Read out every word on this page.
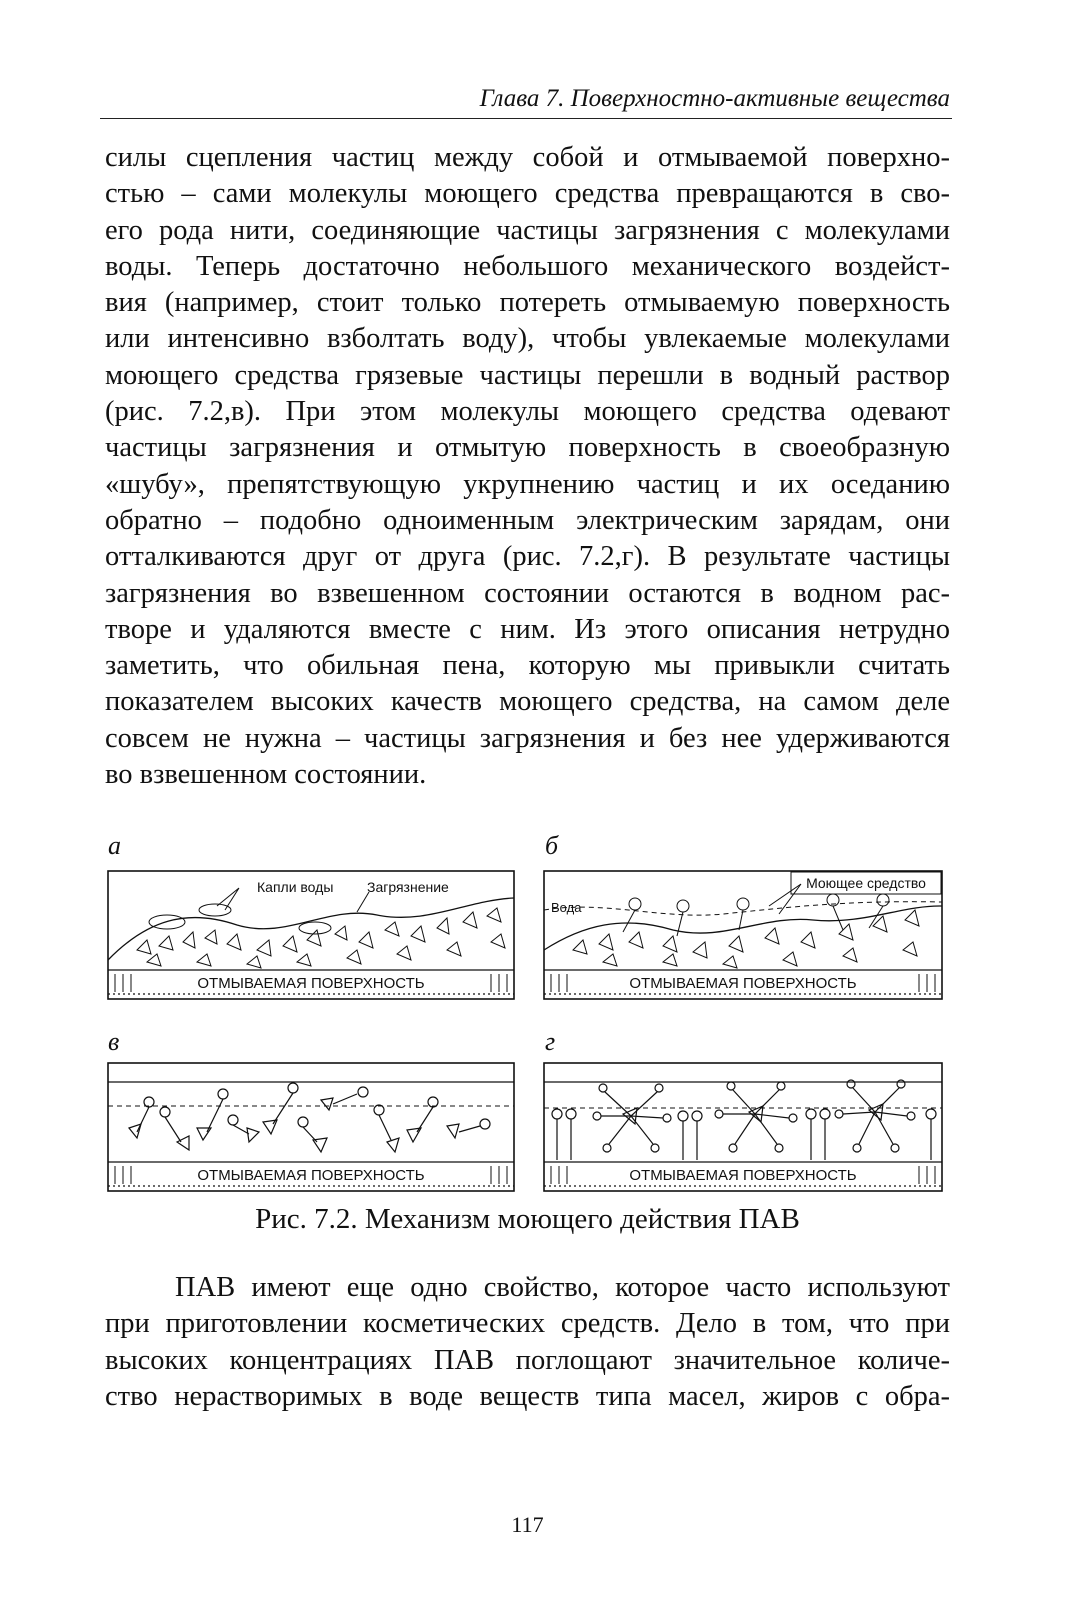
Глава 7. Поверхностно-активные вещества
силы сцепления частиц между собой и отмываемой поверхно-
стью – сами молекулы моющего средства превращаются в сво-
его рода нити, соединяющие частицы загрязнения с молекулами
воды. Теперь достаточно небольшого механического воздейст-
вия (например, стоит только потереть отмываемую поверхность
или интенсивно взболтать воду), чтобы увлекаемые молекулами
моющего средства грязевые частицы перешли в водный раствор
(рис. 7.2,в). При этом молекулы моющего средства одевают
частицы загрязнения и отмытую поверхность в своеобразную
«шубу», препятствующую укрупнению частиц и их оседанию
обратно – подобно одноименным электрическим зарядам, они
отталкиваются друг от друга (рис. 7.2,г). В результате частицы
загрязнения во взвешенном состоянии остаются в водном рас-
творе и удаляются вместе с ним. Из этого описания нетрудно
заметить, что обильная пена, которую мы привыкли считать
показателем высоких качеств моющего средства, на самом деле
совсем не нужна – частицы загрязнения и без нее удерживаются
во взвешенном состоянии.
а	б
в	г
Капли воды Загрязнение
ОТМЫВАЕМАЯ ПОВЕРХНОСТЬ
Моющее средство
Вода
ОТМЫВАЕМАЯ ПОВЕРХНОСТЬ
ОТМЫВАЕМАЯ ПОВЕРХНОСТЬ	ОТМЫВАЕМАЯ ПОВЕРХНОСТЬ
Рис. 7.2. Механизм моющего действия ПАВ
ПАВ имеют еще одно свойство, которое часто используют
при приготовлении косметических средств. Дело в том, что при
высоких концентрациях ПАВ поглощают значительное количе-
ство нерастворимых в воде веществ типа масел, жиров с обра-
117
